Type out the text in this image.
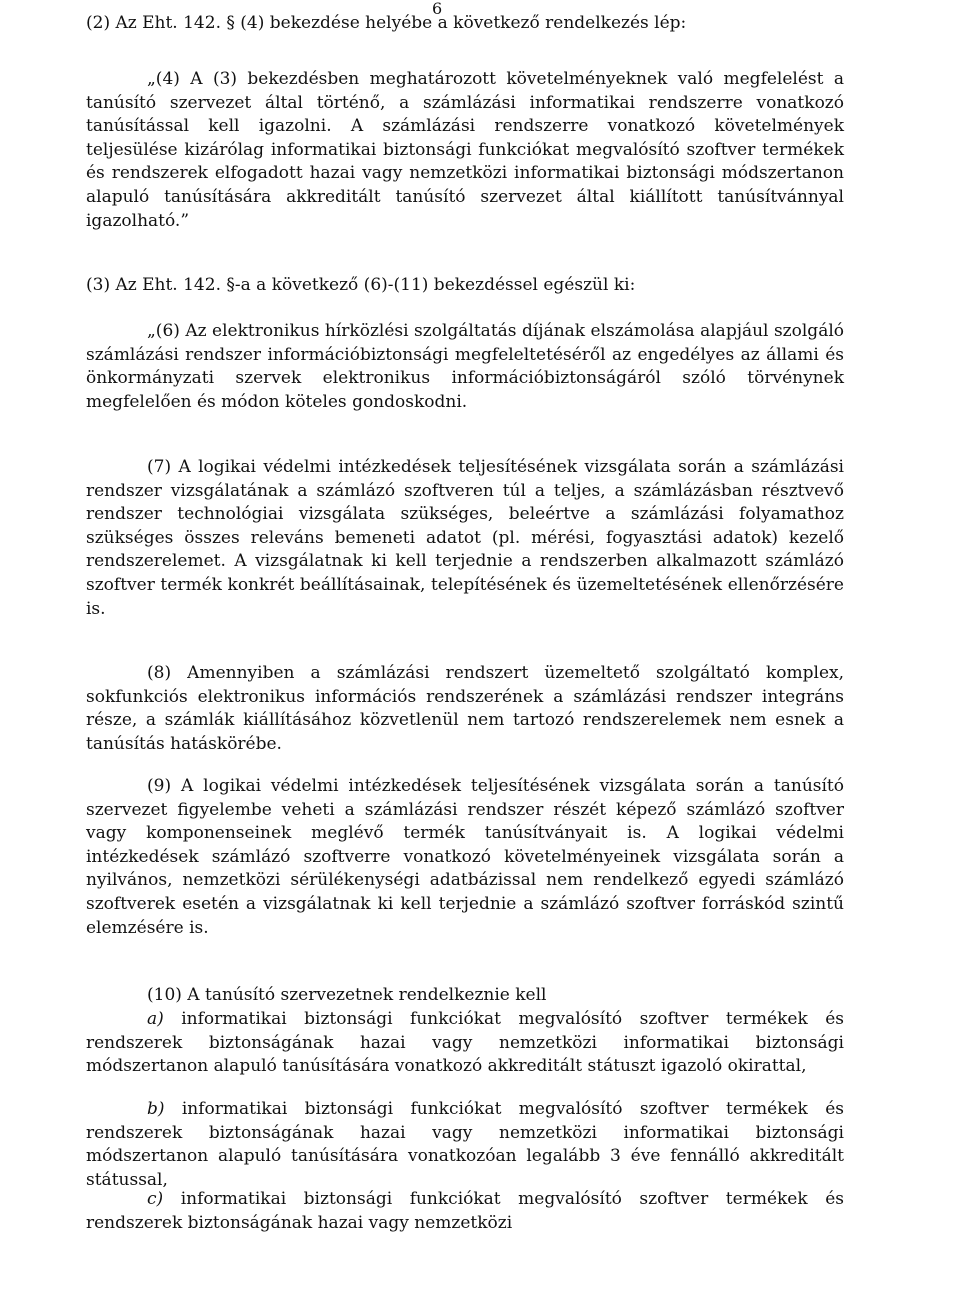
6
(2) Az Eht. 142. § (4) bekezdése helyébe a következő rendelkezés lép:
„(4) A (3) bekezdésben meghatározott követelményeknek való megfelelést a tanúsító szervezet által történő, a számlázási informatikai rendszerre vonatkozó tanúsítással kell igazolni. A számlázási rendszerre vonatkozó követelmények teljesülése kizárólag informatikai biztonsági funkciókat megvalósító szoftver termékek és rendszerek elfogadott hazai vagy nemzetközi informatikai biztonsági módszertanon alapuló tanúsítására akkreditált tanúsító szervezet által kiállított tanúsítvánnyal igazolható.”
(3) Az Eht. 142. §-a a következő (6)-(11) bekezdéssel egészül ki:
„(6) Az elektronikus hírközlési szolgáltatás díjának elszámolása alapjául szolgáló számlázási rendszer információbiztonsági megfeleltetéséről az engedélyes az állami és önkormányzati szervek elektronikus információbiztonságáról szóló törvénynek megfelelően és módon köteles gondoskodni.
(7) A logikai védelmi intézkedések teljesítésének vizsgálata során a számlázási rendszer vizsgálatának a számlázó szoftveren túl a teljes, a számlázásban résztvevő rendszer technológiai vizsgálata szükséges, beleértve a számlázási folyamathoz szükséges összes releváns bemeneti adatot (pl. mérési, fogyasztási adatok) kezelő rendszerelemet. A vizsgálatnak ki kell terjednie a rendszerben alkalmazott számlázó szoftver termék konkrét beállításainak, telepítésének és üzemeltetésének ellenőrzésére is.
(8) Amennyiben a számlázási rendszert üzemeltető szolgáltató komplex, sokfunkciós elektronikus információs rendszerének a számlázási rendszer integráns része, a számlák kiállításához közvetlenül nem tartozó rendszerelemek nem esnek a tanúsítás hatáskörébe.
(9) A logikai védelmi intézkedések teljesítésének vizsgálata során a tanúsító szervezet figyelembe veheti a számlázási rendszer részét képező számlázó szoftver vagy komponenseinek meglévő termék tanúsítványait is. A logikai védelmi intézkedések számlázó szoftverre vonatkozó követelményeinek vizsgálata során a nyilvános, nemzetközi sérülékenységi adatbázissal nem rendelkező egyedi számlázó szoftverek esetén a vizsgálatnak ki kell terjednie a számlázó szoftver forráskód szintű elemzésére is.
(10) A tanúsító szervezetnek rendelkeznie kell
a) informatikai biztonsági funkciókat megvalósító szoftver termékek és rendszerek biztonságának hazai vagy nemzetközi informatikai biztonsági módszertanon alapuló tanúsítására vonatkozó akkreditált státuszt igazoló okirattal,
b) informatikai biztonsági funkciókat megvalósító szoftver termékek és rendszerek biztonságának hazai vagy nemzetközi informatikai biztonsági módszertanon alapuló tanúsítására vonatkozóan legalább 3 éve fennálló akkreditált státussal,
c) informatikai biztonsági funkciókat megvalósító szoftver termékek és rendszerek biztonságának hazai vagy nemzetközi
